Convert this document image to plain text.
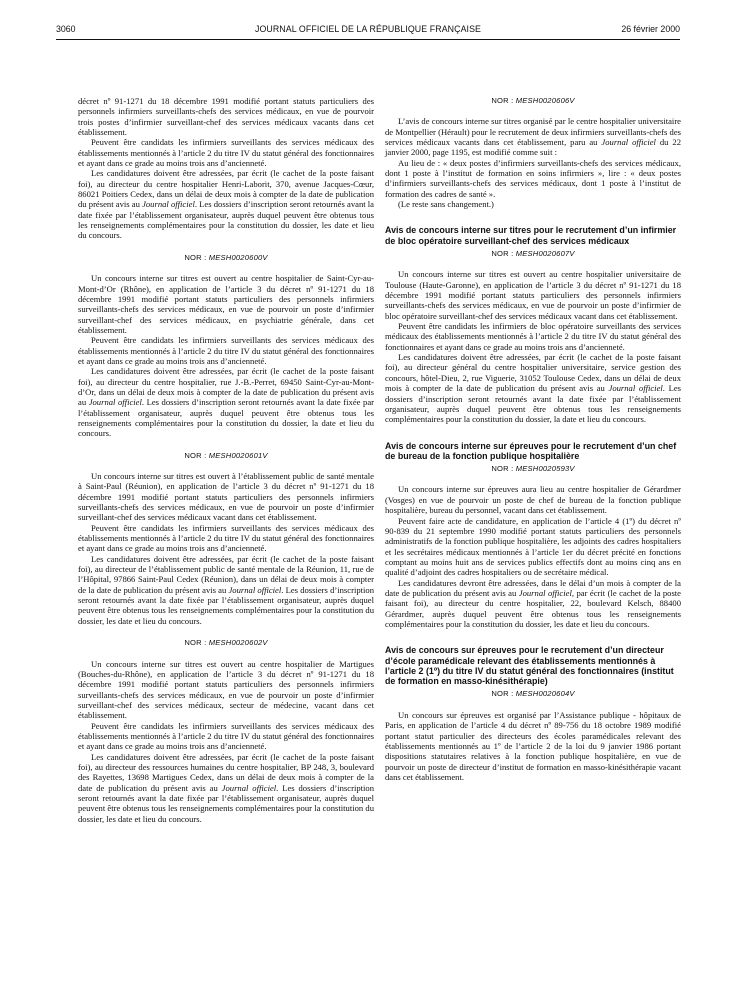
3060	JOURNAL OFFICIEL DE LA RÉPUBLIQUE FRANÇAISE	26 février 2000

décret nº 91-1271 du 18 décembre 1991 modifié portant statuts particuliers des personnels infirmiers surveillants-chefs des services médicaux, en vue de pourvoir trois postes d’infirmier surveillant-chef des services médicaux vacants dans cet établissement.

Peuvent être candidats les infirmiers surveillants des services médicaux des établissements mentionnés à l’article 2 du titre IV du statut général des fonctionnaires et ayant dans ce grade au moins trois ans d’ancienneté.

Les candidatures doivent être adressées, par écrit (le cachet de la poste faisant foi), au directeur du centre hospitalier Henri-Laborit, 370, avenue Jacques-Cœur, 86021 Poitiers Cedex, dans un délai de deux mois à compter de la date de publication du présent avis au Journal officiel. Les dossiers d’inscription seront retournés avant la date fixée par l’établissement organisateur, auprès duquel peuvent être obtenus tous les renseignements complémentaires pour la constitution du dossier, les date et lieu du concours.

NOR : MESH0020600V

Un concours interne sur titres est ouvert au centre hospitalier de Saint-Cyr-au-Mont-d’Or (Rhône), en application de l’article 3 du décret nº 91-1271 du 18 décembre 1991 modifié portant statuts particuliers des personnels infirmiers surveillants-chefs des services médicaux, en vue de pourvoir un poste d’infirmier surveillant-chef des services médicaux, en psychiatrie générale, dans cet établissement.

Peuvent être candidats les infirmiers surveillants des services médicaux des établissements mentionnés à l’article 2 du titre IV du statut général des fonctionnaires et ayant dans ce grade au moins trois ans d’ancienneté.

Les candidatures doivent être adressées, par écrit (le cachet de la poste faisant foi), au directeur du centre hospitalier, rue J.-B.-Perret, 69450 Saint-Cyr-au-Mont-d’Or, dans un délai de deux mois à compter de la date de publication du présent avis au Journal officiel. Les dossiers d’inscription seront retournés avant la date fixée par l’établissement organisateur, auprès duquel peuvent être obtenus tous les renseignements complémentaires pour la constitution du dossier, la date et lieu du concours.

NOR : MESH0020601V

Un concours interne sur titres est ouvert à l’établissement public de santé mentale à Saint-Paul (Réunion), en application de l’article 3 du décret nº 91-1271 du 18 décembre 1991 modifié portant statuts particuliers des personnels infirmiers surveillants-chefs des services médicaux, en vue de pourvoir un poste d’infirmier surveillant-chef des services médicaux vacant dans cet établissement.

Peuvent être candidats les infirmiers surveillants des services médicaux des établissements mentionnés à l’article 2 du titre IV du statut général des fonctionnaires et ayant dans ce grade au moins trois ans d’ancienneté.

Les candidatures doivent être adressées, par écrit (le cachet de la poste faisant foi), au directeur de l’établissement public de santé mentale de la Réunion, 11, rue de l’Hôpital, 97866 Saint-Paul Cedex (Réunion), dans un délai de deux mois à compter de la date de publication du présent avis au Journal officiel. Les dossiers d’inscription seront retournés avant la date fixée par l’établissement organisateur, auprès duquel peuvent être obtenus tous les renseignements complémentaires pour la constitution du dossier, les date et lieu du concours.

NOR : MESH0020602V

Un concours interne sur titres est ouvert au centre hospitalier de Martigues (Bouches-du-Rhône), en application de l’article 3 du décret nº 91-1271 du 18 décembre 1991 modifié portant statuts particuliers des personnels infirmiers surveillants-chefs des services médicaux, en vue de pourvoir un poste d’infirmier surveillant-chef des services médicaux, secteur de médecine, vacant dans cet établissement.

Peuvent être candidats les infirmiers surveillants des services médicaux des établissements mentionnés à l’article 2 du titre IV du statut général des fonctionnaires et ayant dans ce grade au moins trois ans d’ancienneté.

Les candidatures doivent être adressées, par écrit (le cachet de la poste faisant foi), au directeur des ressources humaines du centre hospitalier, BP 248, 3, boulevard des Rayettes, 13698 Martigues Cedex, dans un délai de deux mois à compter de la date de publication du présent avis au Journal officiel. Les dossiers d’inscription seront retournés avant la date fixée par l’établissement organisateur, auprès duquel peuvent être obtenus tous les renseignements complémentaires pour la constitution du dossier, les date et lieu du concours.

NOR : MESH0020606V

L’avis de concours interne sur titres organisé par le centre hospitalier universitaire de Montpellier (Hérault) pour le recrutement de deux infirmiers surveillants-chefs des services médicaux vacants dans cet établissement, paru au Journal officiel du 22 janvier 2000, page 1195, est modifié comme suit :

Au lieu de : « deux postes d’infirmiers surveillants-chefs des services médicaux, dont 1 poste à l’institut de formation en soins infirmiers », lire : « deux postes d’infirmiers surveillants-chefs des services médicaux, dont 1 poste à l’institut de formation des cadres de santé ».

(Le reste sans changement.)

Avis de concours interne sur titres pour le recrutement d’un infirmier de bloc opératoire surveillant-chef des services médicaux
NOR : MESH0020607V

Un concours interne sur titres est ouvert au centre hospitalier universitaire de Toulouse (Haute-Garonne), en application de l’article 3 du décret nº 91-1271 du 18 décembre 1991 modifié portant statuts particuliers des personnels infirmiers surveillants-chefs des services médicaux, en vue de pourvoir un poste d’infirmier de bloc opératoire surveillant-chef des services médicaux vacant dans cet établissement.

Peuvent être candidats les infirmiers de bloc opératoire surveillants des services médicaux des établissements mentionnés à l’article 2 du titre IV du statut général des fonctionnaires et ayant dans ce grade au moins trois ans d’ancienneté.

Les candidatures doivent être adressées, par écrit (le cachet de la poste faisant foi), au directeur général du centre hospitalier universitaire, service gestion des concours, hôtel-Dieu, 2, rue Viguerie, 31052 Toulouse Cedex, dans un délai de deux mois à compter de la date de publication du présent avis au Journal officiel. Les dossiers d’inscription seront retournés avant la date fixée par l’établissement organisateur, auprès duquel peuvent être obtenus tous les renseignements complémentaires pour la constitution du dossier, la date et lieu du concours.

Avis de concours interne sur épreuves pour le recrutement d’un chef de bureau de la fonction publique hospitalière
NOR : MESH0020593V

Un concours interne sur épreuves aura lieu au centre hospitalier de Gérardmer (Vosges) en vue de pourvoir un poste de chef de bureau de la fonction publique hospitalière, bureau du personnel, vacant dans cet établissement.

Peuvent faire acte de candidature, en application de l’article 4 (1º) du décret nº 90-839 du 21 septembre 1990 modifié portant statuts particuliers des personnels administratifs de la fonction publique hospitalière, les adjoints des cadres hospitaliers et les secrétaires médicaux mentionnés à l’article 1er du décret précité en fonctions comptant au moins huit ans de services publics effectifs dont au moins cinq ans en qualité d’adjoint des cadres hospitaliers ou de secrétaire médical.

Les candidatures devront être adressées, dans le délai d’un mois à compter de la date de publication du présent avis au Journal officiel, par écrit (le cachet de la poste faisant foi), au directeur du centre hospitalier, 22, boulevard Kelsch, 88400 Gérardmer, auprès duquel peuvent être obtenus tous les renseignements complémentaires pour la constitution du dossier, les date et lieu du concours.

Avis de concours sur épreuves pour le recrutement d’un directeur d’école paramédicale relevant des établissements mentionnés à l’article 2 (1º) du titre IV du statut général des fonctionnaires (institut de formation en masso-kinésithérapie)
NOR : MESH0020604V

Un concours sur épreuves est organisé par l’Assistance publique - hôpitaux de Paris, en application de l’article 4 du décret nº 89-756 du 18 octobre 1989 modifié portant statut particulier des directeurs des écoles paramédicales relevant des établissements mentionnés au 1º de l’article 2 de la loi du 9 janvier 1986 portant dispositions statutaires relatives à la fonction publique hospitalière, en vue de pourvoir un poste de directeur d’institut de formation en masso-kinésithérapie vacant dans cet établissement.
